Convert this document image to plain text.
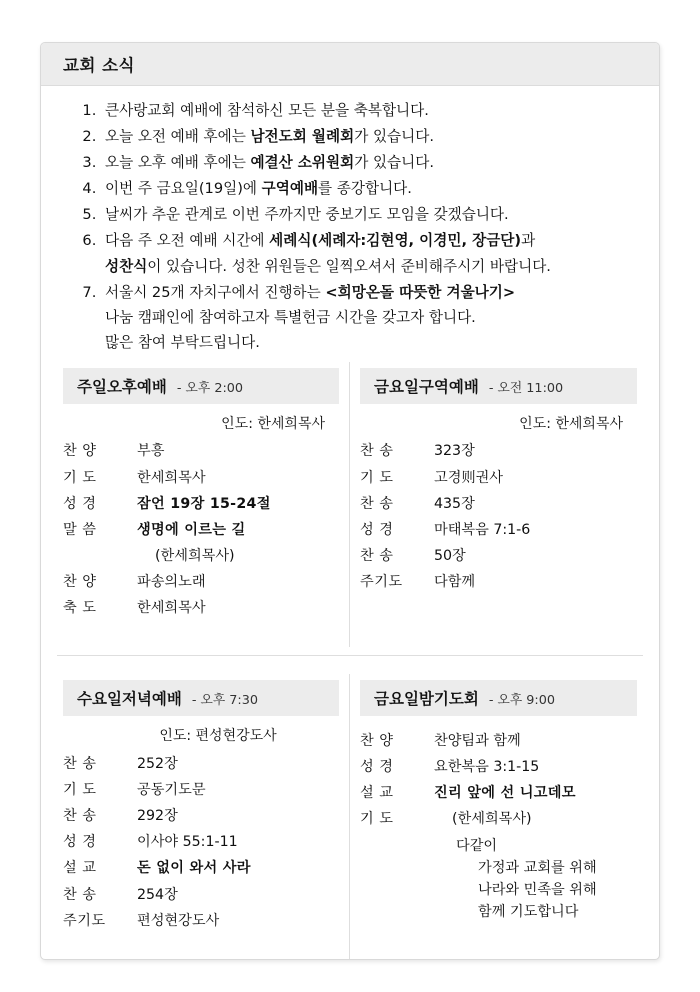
교회 소식
1. 큰사랑교회 예배에 참석하신 모든 분을 축복합니다.
2. 오늘 오전 예배 후에는 남전도회 월례회가 있습니다.
3. 오늘 오후 예배 후에는 예결산 소위원회가 있습니다.
4. 이번 주 금요일(19일)에 구역예배를 종강합니다.
5. 날씨가 추운 관계로 이번 주까지만 중보기도 모임을 갖겠습니다.
6. 다음 주 오전 예배 시간에 세례식(세례자:김현영, 이경민, 장금단)과
성찬식이 있습니다. 성찬 위원들은 일찍오셔서 준비해주시기 바랍니다.
7. 서울시 25개 자치구에서 진행하는 <희망온돌 따뜻한 겨울나기>
나눔 캠패인에 참여하고자 특별헌금 시간을 갖고자 합니다.
많은 참여 부탁드립니다.
주일오후예배 - 오후 2:00
인도: 한세희목사
찬 양	부흥
기 도	한세희목사
성 경	잠언 19장 15-24절
말 씀	생명에 이르는 길
	(한세희목사)
찬 양	파송의노래
축 도	한세희목사
금요일구역예배 - 오전 11:00
인도: 한세희목사
찬 송	323장
기 도	고경则권사
찬 송	435장
성 경	마태복음 7:1-6
찬 송	50장
주기도	다함께
수요일저녁예배 - 오후 7:30
인도: 편성현강도사
찬 송	252장
기 도	공동기도문
찬 송	292장
성 경	이사야 55:1-11
설 교	돈 없이 와서 사라
찬 송	254장
주기도	편성현강도사
금요일밤기도회 - 오후 9:00
찬 양	찬양팀과 함께
성 경	요한복음 3:1-15
설 교	진리 앞에 선 니고데모
기 도	(한세희목사)
다같이
가정과 교회를 위해
나라와 민족을 위해
함께 기도합니다
